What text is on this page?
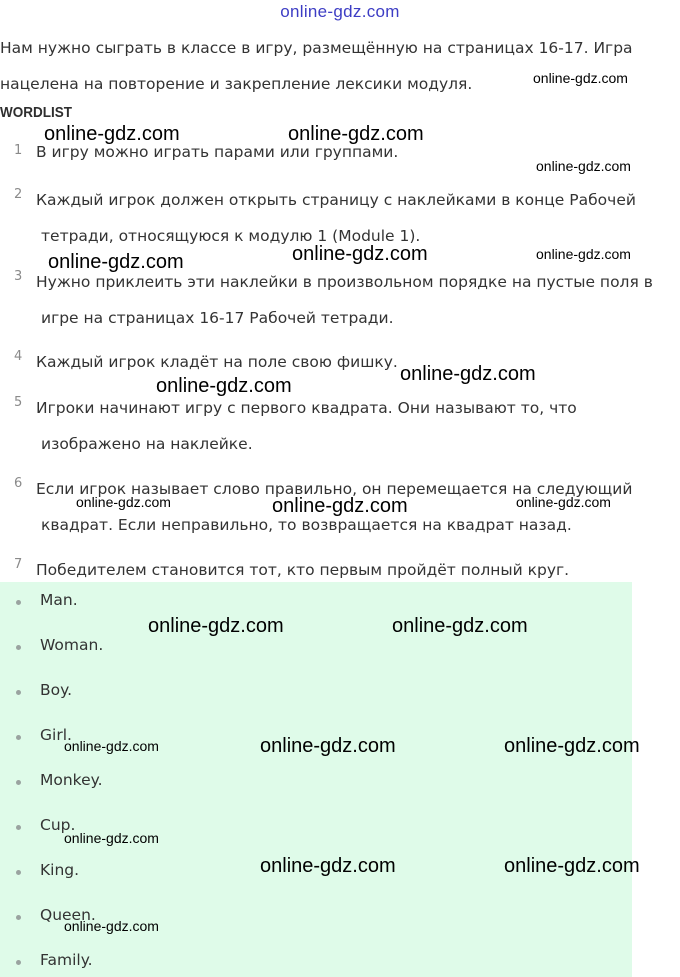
online-gdz.com
Нам нужно сыграть в классе в игру, размещённую на страницах 16-17. Игра
нацелена на повторение и закрепление лексики модуля.
WORDLIST
1 В игру можно играть парами или группами.
2 Каждый игрок должен открыть страницу с наклейками в конце Рабочей
тетради, относящуюся к модулю 1 (Module 1).
3 Нужно приклеить эти наклейки в произвольном порядке на пустые поля в
игре на страницах 16-17 Рабочей тетради.
4 Каждый игрок кладёт на поле свою фишку.
5 Игроки начинают игру с первого квадрата. Они называют то, что
изображено на наклейке.
6 Если игрок называет слово правильно, он перемещается на следующий
квадрат. Если неправильно, то возвращается на квадрат назад.
7 Победителем становится тот, кто первым пройдёт полный круг.
Man.
Woman.
Boy.
Girl.
Monkey.
Cup.
King.
Queen.
Family.
online-gdz.com
online-gdz.com	online-gdz.com
online-gdz.com
online-gdz.com	online-gdz.com
online-gdz.com
online-gdz.com
online-gdz.com
online-gdz.com	online-gdz.com
online-gdz.com
online-gdz.com	online-gdz.com
online-gdz.com	online-gdz.com
online-gdz.com
online-gdz.com
online-gdz.com	online-gdz.com
online-gdz.com
